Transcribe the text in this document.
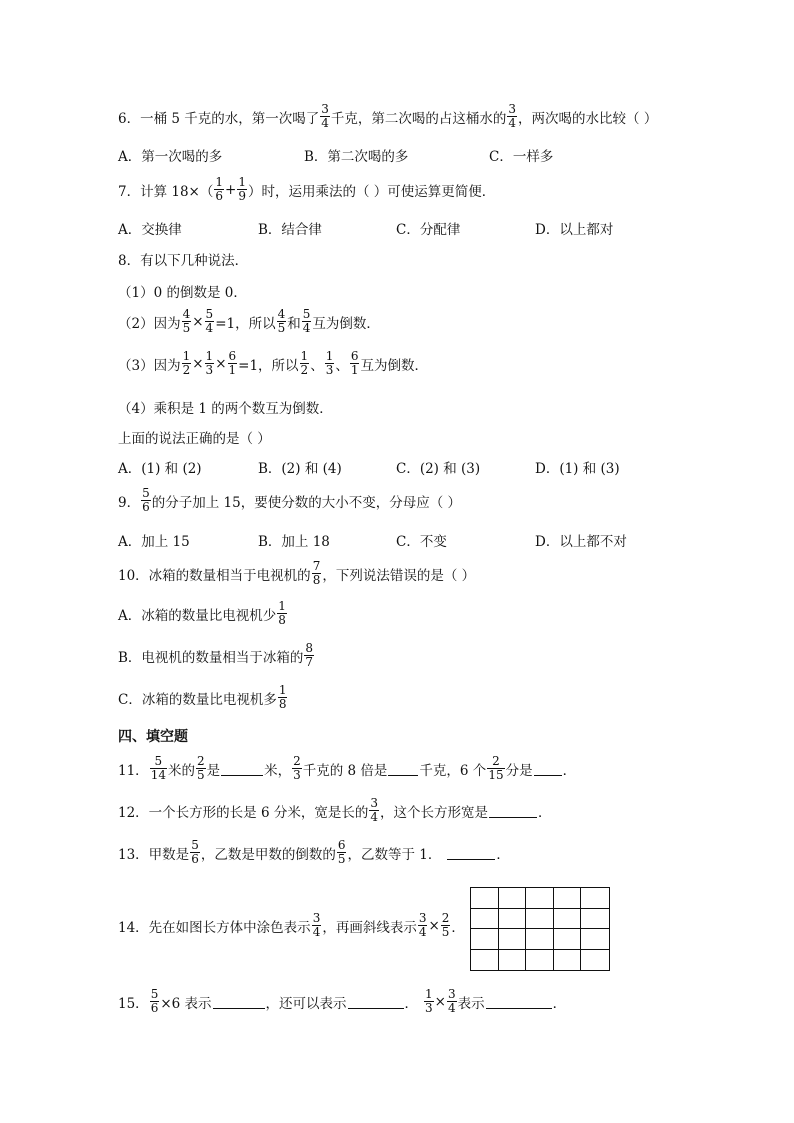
6．一桶 5 千克的水，第一次喝了 $\frac{3}{4}$ 千克，第二次喝的占这桶水的 $\frac{3}{4}$ ，两次喝的水比较（ ）
A．第一次喝的多	B．第二次喝的多	C．一样多
7．计算 $18\times( \frac{1}{6} + \frac{1}{9}$ ）时，运用乘法的（ ）可使运算更简便．
A．交换律	B．结合律	C．分配律	D．以上都对
8．有以下几种说法．
（1）0 的倒数是 0．
（2）因为 $\frac{4}{5} \times \frac{5}{4} =1$，所以 $\frac{4}{5}$ 和 $\frac{5}{4}$ 互为倒数．
（3）因为 $\frac{1}{2} \times \frac{1}{3} \times \frac{6}{1} =1$，所以 $\frac{1}{2}$ 、 $\frac{1}{3}$ 、 $\frac{6}{1}$ 互为倒数．
（4）乘积是 1 的两个数互为倒数．
上面的说法正确的是（ ）
A．(1) 和 (2)	B．(2) 和 (4)	C．(2) 和 (3)	D．(1) 和 (3)
9． $\frac{5}{6}$ 的分子加上 15，要使分数的大小不变，分母应（ ）
A．加上 15	B．加上 18	C．不变	D．以上都不对
10．冰箱的数量相当于电视机的 $\frac{7}{8}$ ，下列说法错误的是（ ）
A．冰箱的数量比电视机少 $\frac{1}{8}$
B．电视机的数量相当于冰箱的 $\frac{8}{7}$
C．冰箱的数量比电视机多 $\frac{1}{8}$
四、填空题
11． $\frac{5}{14}$ 米的 $\frac{2}{5}$ 是	米， $\frac{2}{3}$ 千克的 8 倍是 千克，6 个 $\frac{2}{15}$ 分是 ．
12．一个长方形的长是 6 分米，宽是长的 $\frac{3}{4}$ ，这个长方形宽是	．
13．甲数是 $\frac{5}{6}$ ，乙数是甲数的倒数的 $\frac{6}{5}$ ，乙数等于 1．	．
14．先在如图长方体中涂色表示 $\frac{3}{4}$ ，再画斜线表示 $\frac{3}{4} \times \frac{2}{5}$ ．
15． $\frac{5}{6} \times 6$ 表示	，还可以表示	． $\frac{1}{3} \times \frac{3}{4}$ 表示	．
